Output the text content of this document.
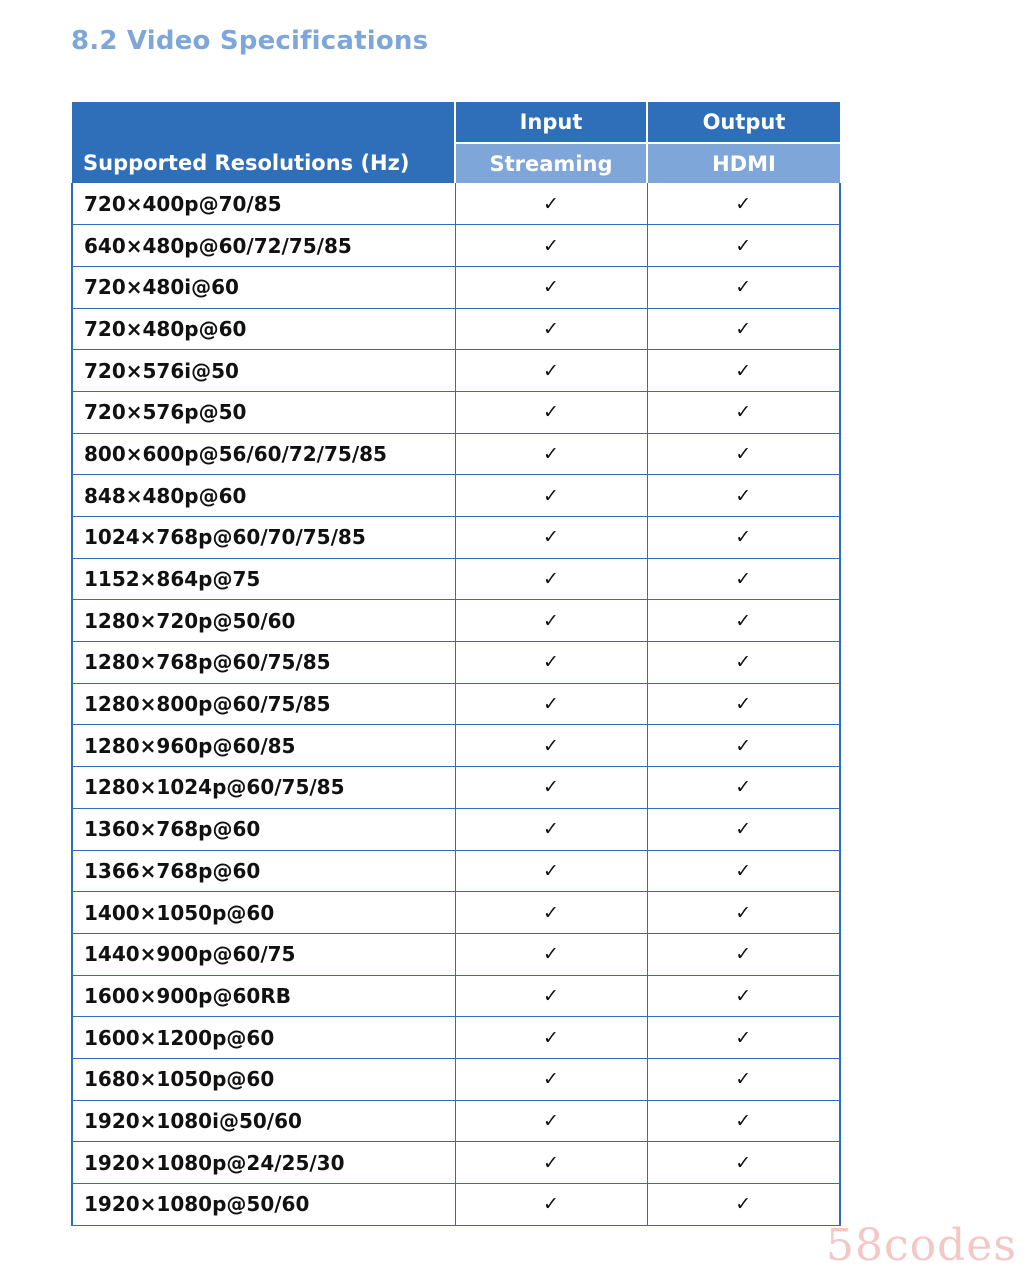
8.2 Video Specifications
Supported Resolutions (Hz)	Input	Output
	Streaming	HDMI
720×400p@70/85	✓	✓
640×480p@60/72/75/85	✓	✓
720×480i@60	✓	✓
720×480p@60	✓	✓
720×576i@50	✓	✓
720×576p@50	✓	✓
800×600p@56/60/72/75/85	✓	✓
848×480p@60	✓	✓
1024×768p@60/70/75/85	✓	✓
1152×864p@75	✓	✓
1280×720p@50/60	✓	✓
1280×768p@60/75/85	✓	✓
1280×800p@60/75/85	✓	✓
1280×960p@60/85	✓	✓
1280×1024p@60/75/85	✓	✓
1360×768p@60	✓	✓
1366×768p@60	✓	✓
1400×1050p@60	✓	✓
1440×900p@60/75	✓	✓
1600×900p@60RB	✓	✓
1600×1200p@60	✓	✓
1680×1050p@60	✓	✓
1920×1080i@50/60	✓	✓
1920×1080p@24/25/30	✓	✓
1920×1080p@50/60	✓	✓
58codes
